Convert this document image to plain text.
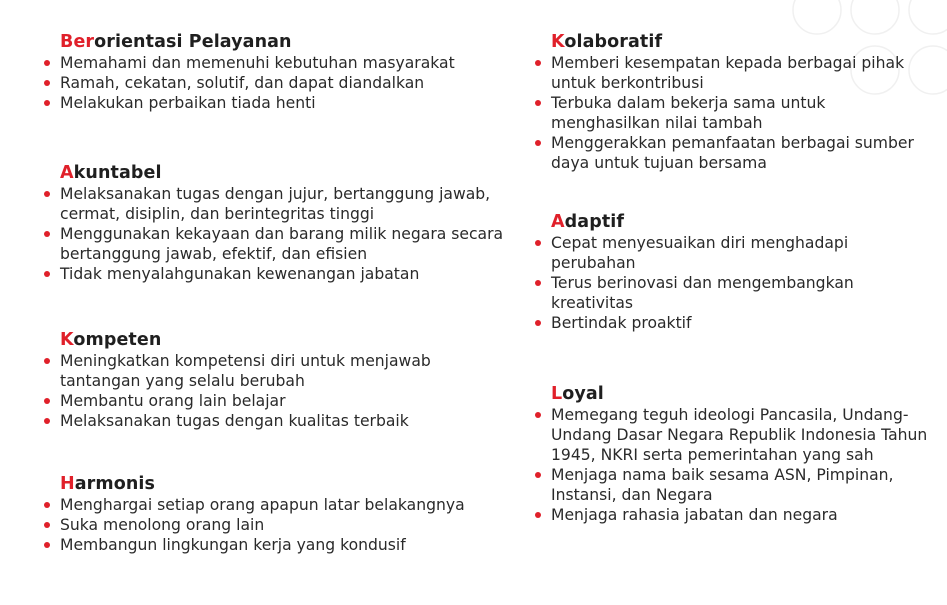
Berorientasi Pelayanan
Memahami dan memenuhi kebutuhan masyarakat
Ramah, cekatan, solutif, dan dapat diandalkan
Melakukan perbaikan tiada henti
Akuntabel
Melaksanakan tugas dengan jujur, bertanggung jawab, cermat, disiplin, dan berintegritas tinggi
Menggunakan kekayaan dan barang milik negara secara bertanggung jawab, efektif, dan efisien
Tidak menyalahgunakan kewenangan jabatan
Kompeten
Meningkatkan kompetensi diri untuk menjawab tantangan yang selalu berubah
Membantu orang lain belajar
Melaksanakan tugas dengan kualitas terbaik
Harmonis
Menghargai setiap orang apapun latar belakangnya
Suka menolong orang lain
Membangun lingkungan kerja yang kondusif
Kolaboratif
Memberi kesempatan kepada berbagai pihak untuk berkontribusi
Terbuka dalam bekerja sama untuk menghasilkan nilai tambah
Menggerakkan pemanfaatan berbagai sumber daya untuk tujuan bersama
Adaptif
Cepat menyesuaikan diri menghadapi perubahan
Terus berinovasi dan mengembangkan kreativitas
Bertindak proaktif
Loyal
Memegang teguh ideologi Pancasila, Undang-Undang Dasar Negara Republik Indonesia Tahun 1945, NKRI serta pemerintahan yang sah
Menjaga nama baik sesama ASN, Pimpinan, Instansi, dan Negara
Menjaga rahasia jabatan dan negara
